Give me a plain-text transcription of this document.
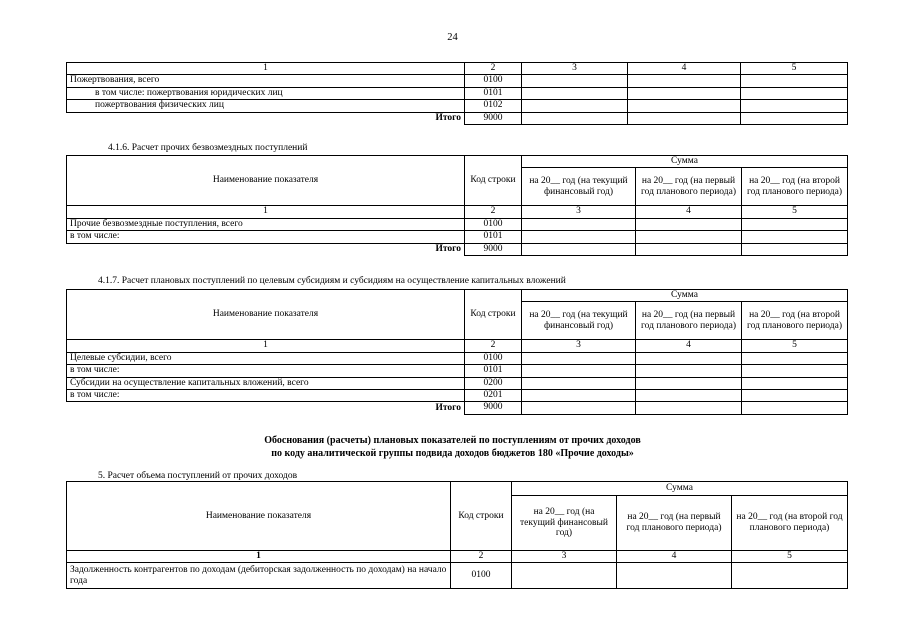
24
1	2	3	4	5
Пожертвования, всего	0100			
в том числе: пожертвования юридических лиц	0101			
пожертвования физических лиц	0102			
Итого	9000			
4.1.6. Расчет прочих безвозмездных поступлений
Наименование показателя	Код строки	Сумма		
		на 20__ год (на текущий финансовый год)	на 20__ год (на первый год планового периода)	на 20__ год (на второй год планового периода)
1	2	3	4	5
Прочие безвозмездные поступления, всего	0100			
в том числе:	0101			
Итого	9000			
4.1.7. Расчет плановых поступлений по целевым субсидиям и субсидиям на осуществление капитальных вложений
Наименование показателя	Код строки	Сумма		
		на 20__ год (на текущий финансовый год)	на 20__ год (на первый год планового периода)	на 20__ год (на второй год планового периода)
1	2	3	4	5
Целевые субсидии, всего	0100			
в том числе:	0101			
Субсидии на осуществление капитальных вложений, всего	0200			
в том числе:	0201			
Итого	9000			
Обоснования (расчеты) плановых показателей по поступлениям от прочих доходов
по коду аналитической группы подвида доходов бюджетов 180 «Прочие доходы»
5. Расчет объема поступлений от прочих доходов
Наименование показателя	Код строки	Сумма		
		на 20__ год (на текущий финансовый год)	на 20__ год (на первый год планового периода)	на 20__ год (на второй год планового периода)
1	2	3	4	5
Задолженность контрагентов по доходам (дебиторская задолженность по доходам) на начало года	0100			
